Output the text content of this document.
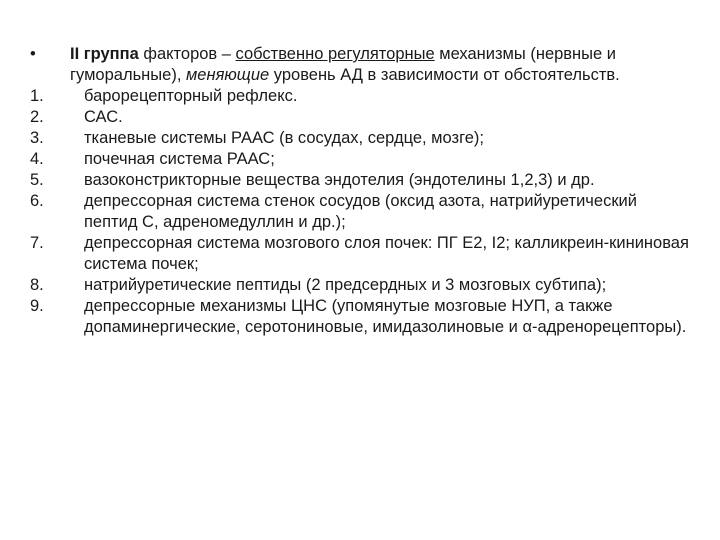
•	II группа факторов – собственно регуляторные механизмы (нервные и гуморальные), меняющие уровень АД в зависимости от обстоятельств.

1.	барорецепторный рефлекс.
2.	САС.
3.	тканевые системы РААС (в сосудах, сердце, мозге);
4.	почечная система РААС;
5.	вазоконстрикторные вещества эндотелия (эндотелины 1,2,3) и др.
6.	депрессорная система стенок сосудов (оксид азота, натрийуретический пептид С, адреномедуллин и др.);
7.	депрессорная система мозгового слоя почек: ПГ Е2, I2; калликреин-кининовая система почек;
8.	натрийуретические пептиды (2 предсердных и 3 мозговых субтипа);
9.	депрессорные механизмы ЦНС (упомянутые мозговые НУП, а также допаминергические, серотониновые, имидазолиновые и α-адренорецепторы).
